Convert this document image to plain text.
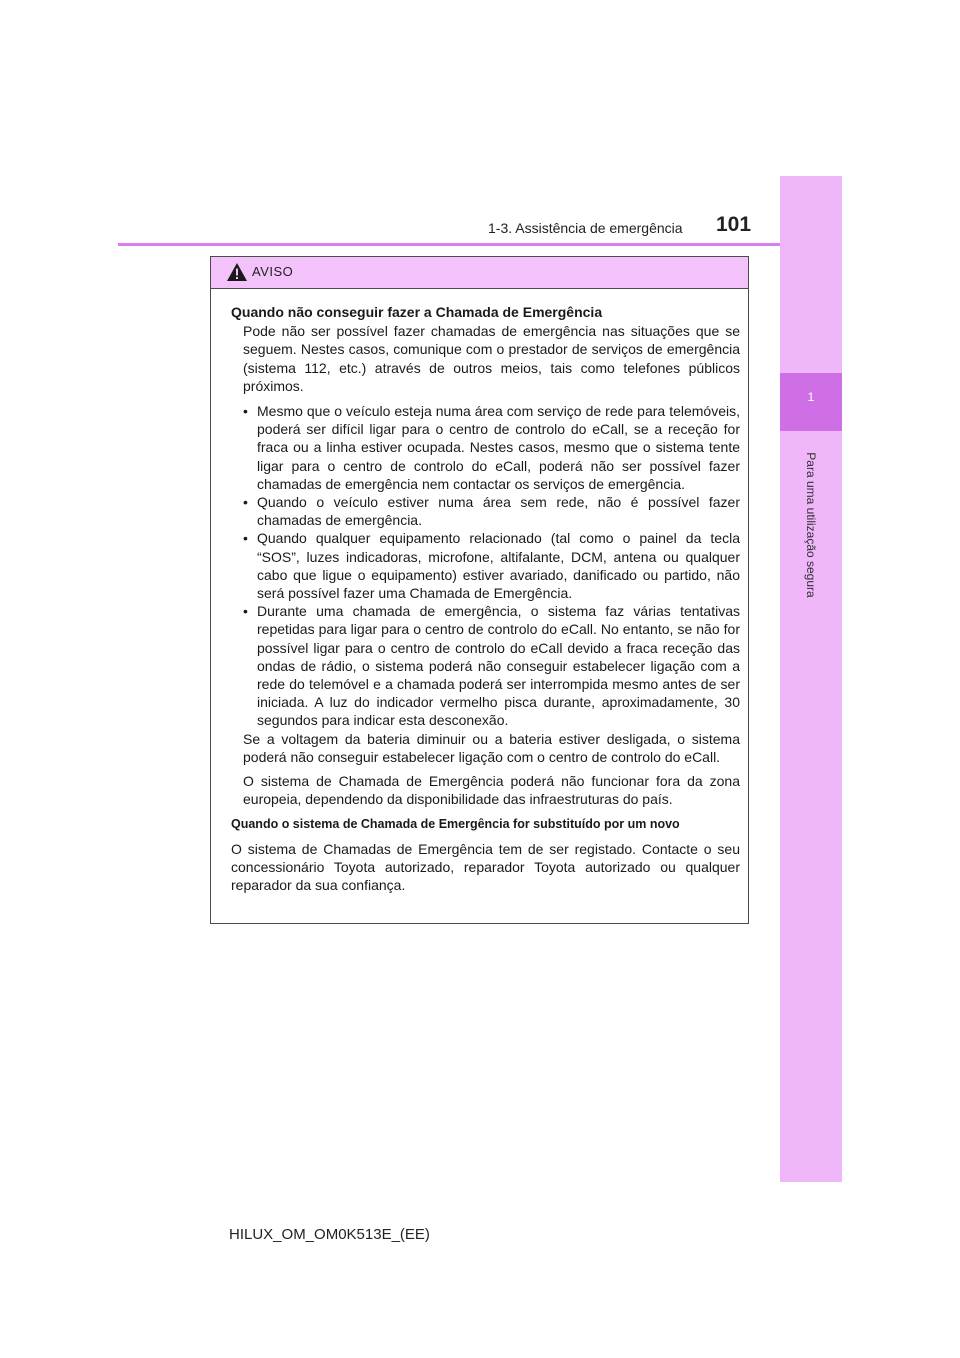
1-3. Assistência de emergência 101
1
Para uma utilização segura
AVISO
Quando não conseguir fazer a Chamada de Emergência
Pode não ser possível fazer chamadas de emergência nas situações que se seguem. Nestes casos, comunique com o prestador de serviços de emergência (sistema 112, etc.) através de outros meios, tais como telefones públicos próximos.
• Mesmo que o veículo esteja numa área com serviço de rede para telemóveis, poderá ser difícil ligar para o centro de controlo do eCall, se a receção for fraca ou a linha estiver ocupada. Nestes casos, mesmo que o sistema tente ligar para o centro de controlo do eCall, poderá não ser possível fazer chamadas de emergência nem contactar os serviços de emergência.
• Quando o veículo estiver numa área sem rede, não é possível fazer chamadas de emergência.
• Quando qualquer equipamento relacionado (tal como o painel da tecla “SOS”, luzes indicadoras, microfone, altifalante, DCM, antena ou qualquer cabo que ligue o equipamento) estiver avariado, danificado ou partido, não será possível fazer uma Chamada de Emergência.
• Durante uma chamada de emergência, o sistema faz várias tentativas repetidas para ligar para o centro de controlo do eCall. No entanto, se não for possível ligar para o centro de controlo do eCall devido a fraca receção das ondas de rádio, o sistema poderá não conseguir estabelecer ligação com a rede do telemóvel e a chamada poderá ser interrompida mesmo antes de ser iniciada. A luz do indicador vermelho pisca durante, aproximadamente, 30 segundos para indicar esta desconexão.
Se a voltagem da bateria diminuir ou a bateria estiver desligada, o sistema poderá não conseguir estabelecer ligação com o centro de controlo do eCall.
O sistema de Chamada de Emergência poderá não funcionar fora da zona europeia, dependendo da disponibilidade das infraestruturas do país.
Quando o sistema de Chamada de Emergência for substituído por um novo
O sistema de Chamadas de Emergência tem de ser registado. Contacte o seu concessionário Toyota autorizado, reparador Toyota autorizado ou qualquer reparador da sua confiança.
HILUX_OM_OM0K513E_(EE)
